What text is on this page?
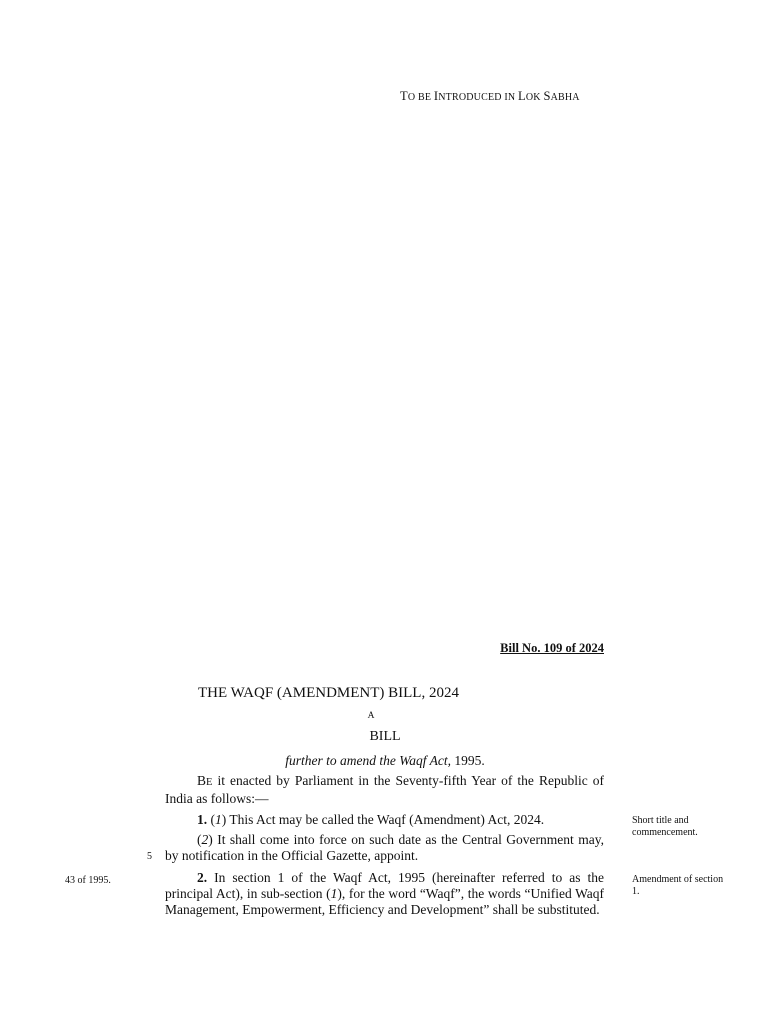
TO BE INTRODUCED IN LOK SABHA
Bill No. 109 of 2024
THE WAQF (AMENDMENT) BILL, 2024
A
BILL
further to amend the Waqf Act, 1995.
BE it enacted by Parliament in the Seventy-fifth Year of the Republic of India as follows:—
1. (1) This Act may be called the Waqf (Amendment) Act, 2024.
(2) It shall come into force on such date as the Central Government may, by notification in the Official Gazette, appoint.
2. In section 1 of the Waqf Act, 1995 (hereinafter referred to as the principal Act), in sub-section (1), for the word “Waqf”, the words “Unified Waqf Management, Empowerment, Efficiency and Development” shall be substituted.
Short title and commencement.
Amendment of section 1.
43 of 1995.
5
